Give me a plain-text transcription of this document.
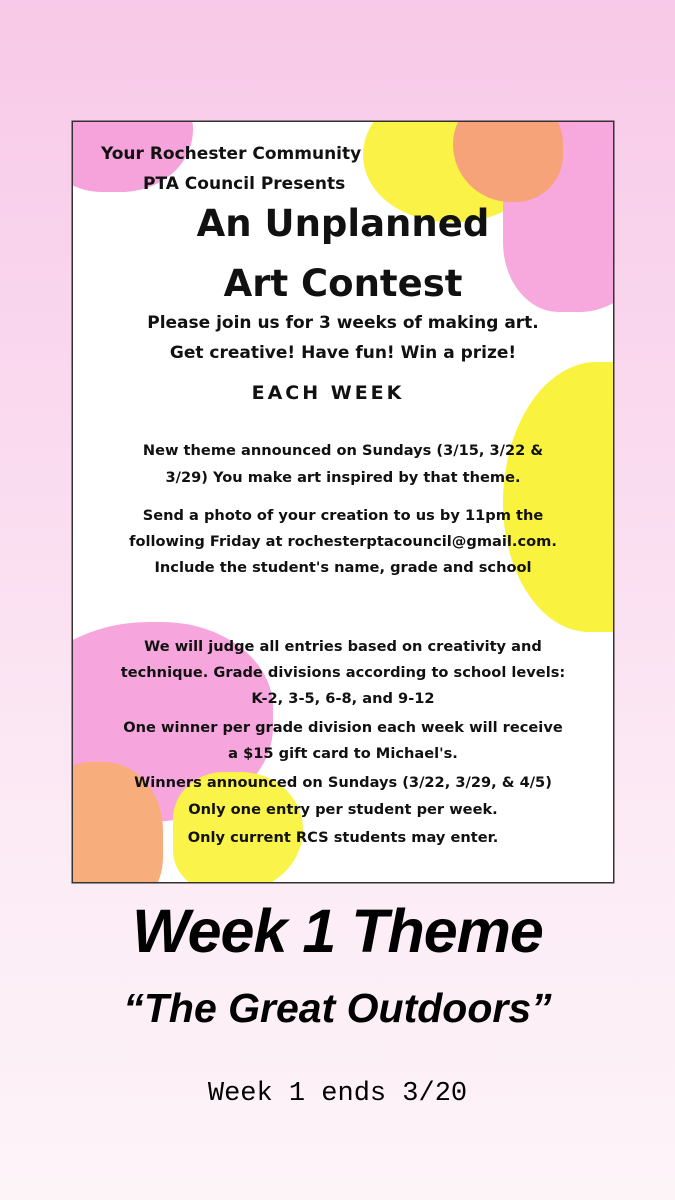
Your Rochester Community
PTA Council Presents
An Unplanned
Art Contest
Please join us for 3 weeks of making art.
Get creative! Have fun! Win a prize!
EACH WEEK
New theme announced on Sundays (3/15, 3/22 &
3/29) You make art inspired by that theme.
Send a photo of your creation to us by 11pm the
following Friday at rochesterptacouncil@gmail.com.
Include the student's name, grade and school
We will judge all entries based on creativity and
technique. Grade divisions according to school levels:
K-2, 3-5, 6-8, and 9-12
One winner per grade division each week will receive
a $15 gift card to Michael's.
Winners announced on Sundays (3/22, 3/29, & 4/5)
Only one entry per student per week.
Only current RCS students may enter.
Week 1 Theme
“The Great Outdoors”
Week 1 ends 3/20
